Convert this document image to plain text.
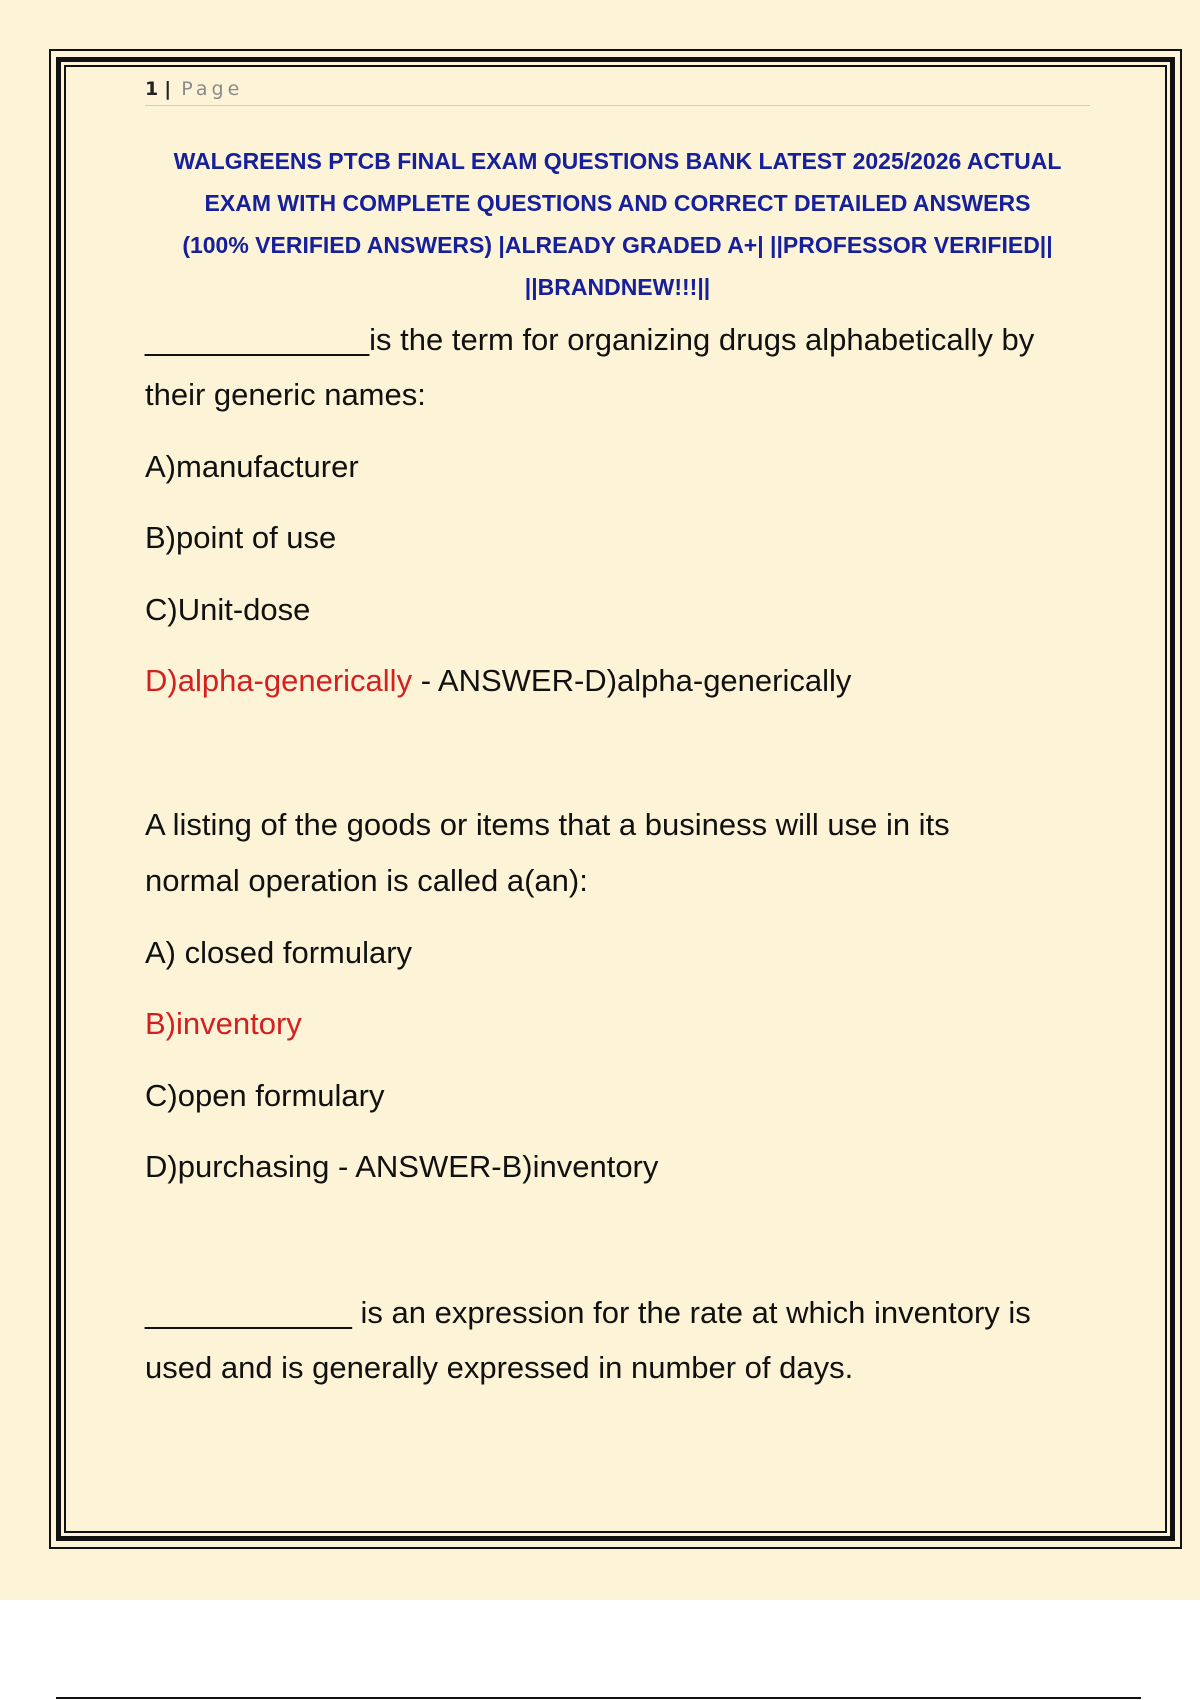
1 | Page
WALGREENS PTCB FINAL EXAM QUESTIONS BANK LATEST 2025/2026 ACTUAL
EXAM WITH COMPLETE QUESTIONS AND CORRECT DETAILED ANSWERS
(100% VERIFIED ANSWERS) |ALREADY GRADED A+| ||PROFESSOR VERIFIED||
||BRANDNEW!!!||
_____________is the term for organizing drugs alphabetically by
their generic names:
A)manufacturer
B)point of use
C)Unit-dose
D)alpha-generically - ANSWER-D)alpha-generically
A listing of the goods or items that a business will use in its
normal operation is called a(an):
A) closed formulary
B)inventory
C)open formulary
D)purchasing - ANSWER-B)inventory
____________ is an expression for the rate at which inventory is
used and is generally expressed in number of days.
